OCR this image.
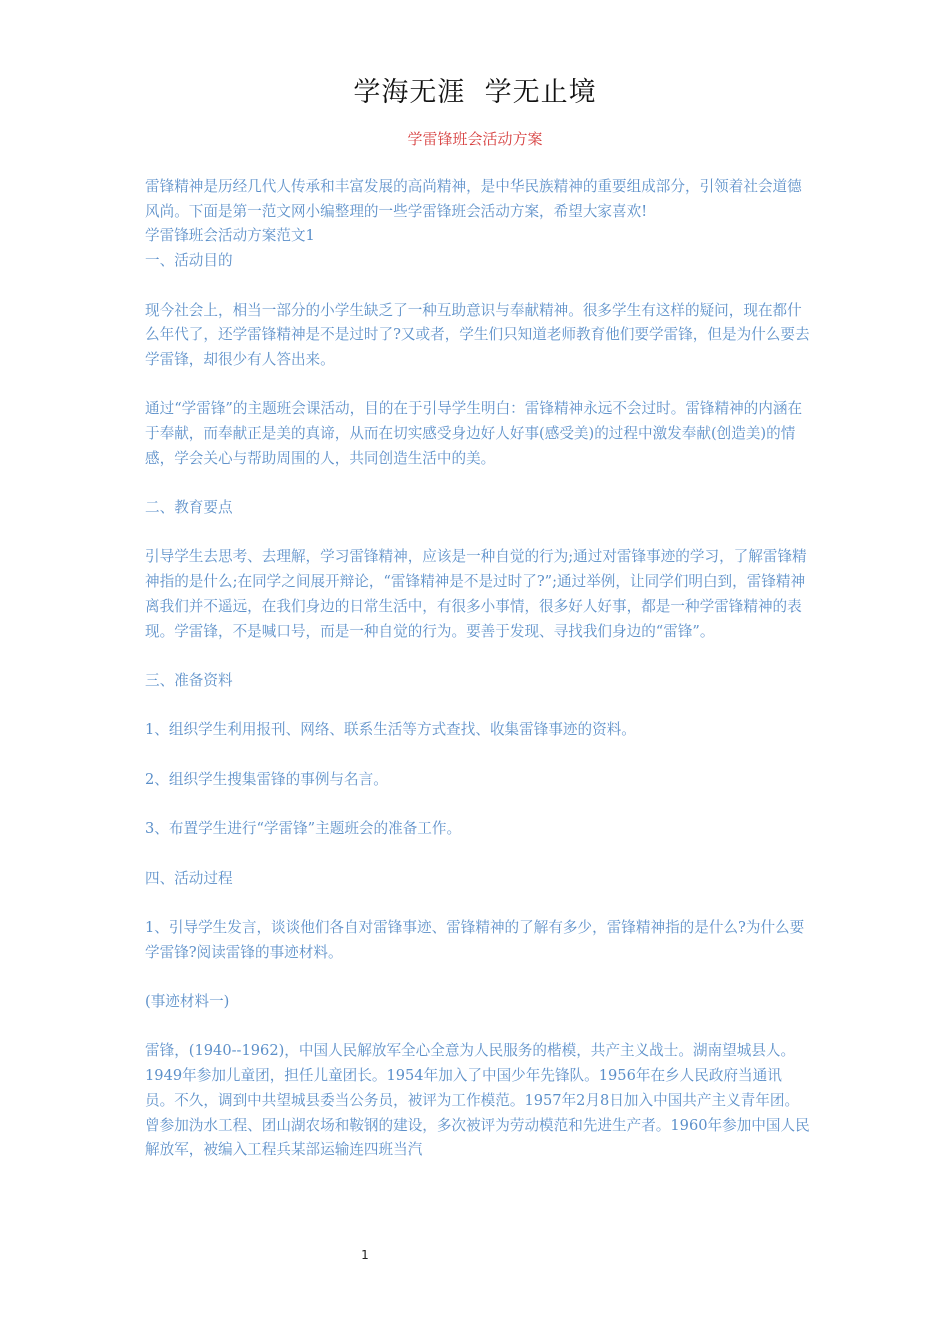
学海无涯  学无止境
学雷锋班会活动方案

雷锋精神是历经几代人传承和丰富发展的高尚精神，是中华民族精神的重要组成部分，引领着社会道德风尚。下面是第一范文网小编整理的一些学雷锋班会活动方案，希望大家喜欢!

学雷锋班会活动方案范文1

一、活动目的

现今社会上，相当一部分的小学生缺乏了一种互助意识与奉献精神。很多学生有这样的疑问，现在都什么年代了，还学雷锋精神是不是过时了?又或者，学生们只知道老师教育他们要学雷锋，但是为什么要去学雷锋，却很少有人答出来。

通过“学雷锋”的主题班会课活动，目的在于引导学生明白：雷锋精神永远不会过时。雷锋精神的内涵在于奉献，而奉献正是美的真谛，从而在切实感受身边好人好事(感受美)的过程中激发奉献(创造美)的情感，学会关心与帮助周围的人，共同创造生活中的美。

二、教育要点

引导学生去思考、去理解，学习雷锋精神，应该是一种自觉的行为;通过对雷锋事迹的学习，了解雷锋精神指的是什么;在同学之间展开辩论，“雷锋精神是不是过时了?”;通过举例，让同学们明白到，雷锋精神离我们并不遥远，在我们身边的日常生活中，有很多小事情，很多好人好事，都是一种学雷锋精神的表现。学雷锋，不是喊口号，而是一种自觉的行为。要善于发现、寻找我们身边的“雷锋”。

三、准备资料

1、组织学生利用报刊、网络、联系生活等方式查找、收集雷锋事迹的资料。

2、组织学生搜集雷锋的事例与名言。

3、布置学生进行“学雷锋”主题班会的准备工作。

四、活动过程

1、引导学生发言，谈谈他们各自对雷锋事迹、雷锋精神的了解有多少，雷锋精神指的是什么?为什么要学雷锋?阅读雷锋的事迹材料。

(事迹材料一)

雷锋，(1940--1962)，中国人民解放军全心全意为人民服务的楷模，共产主义战士。湖南望城县人。1949年参加儿童团，担任儿童团长。1954年加入了中国少年先锋队。1956年在乡人民政府当通讯员。不久，调到中共望城县委当公务员，被评为工作模范。1957年2月8日加入中国共产主义青年团。曾参加沩水工程、团山湖农场和鞍钢的建设，多次被评为劳动模范和先进生产者。1960年参加中国人民解放军，被编入工程兵某部运输连四班当汽

1
